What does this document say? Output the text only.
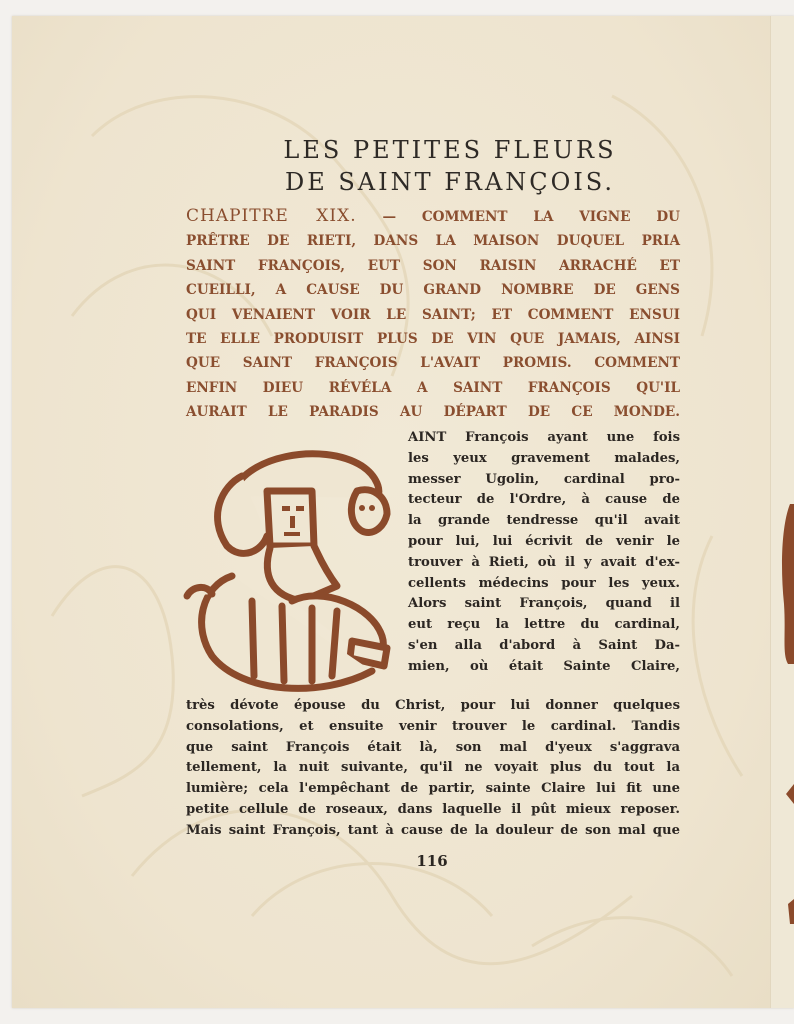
LES PETITES FLEURS
DE SAINT FRANÇOIS.
CHAPITRE XIX. — COMMENT LA VIGNE DU
PRÊTRE DE RIETI, DANS LA MAISON DUQUEL PRIA
SAINT FRANÇOIS, EUT SON RAISIN ARRACHÉ ET
CUEILLI, A CAUSE DU GRAND NOMBRE DE GENS
QUI VENAIENT VOIR LE SAINT; ET COMMENT ENSUI
TE ELLE PRODUISIT PLUS DE VIN QUE JAMAIS, AINSI
QUE SAINT FRANÇOIS L'AVAIT PROMIS. COMMENT
ENFIN DIEU RÉVÉLA A SAINT FRANÇOIS QU'IL
AURAIT LE PARADIS AU DÉPART DE CE MONDE.
AINT François ayant une fois
les yeux gravement malades,
messer Ugolin, cardinal pro-
tecteur de l'Ordre, à cause de
la grande tendresse qu'il avait
pour lui, lui écrivit de venir le
trouver à Rieti, où il y avait d'ex-
cellents médecins pour les yeux.
Alors saint François, quand il
eut reçu la lettre du cardinal,
s'en alla d'abord à Saint Da-
mien, où était Sainte Claire,
très dévote épouse du Christ, pour lui donner quelques
consolations, et ensuite venir trouver le cardinal. Tandis
que saint François était là, son mal d'yeux s'aggrava
tellement, la nuit suivante, qu'il ne voyait plus du tout la
lumière; cela l'empêchant de partir, sainte Claire lui fit une
petite cellule de roseaux, dans laquelle il pût mieux reposer.
Mais saint François, tant à cause de la douleur de son mal que
116
